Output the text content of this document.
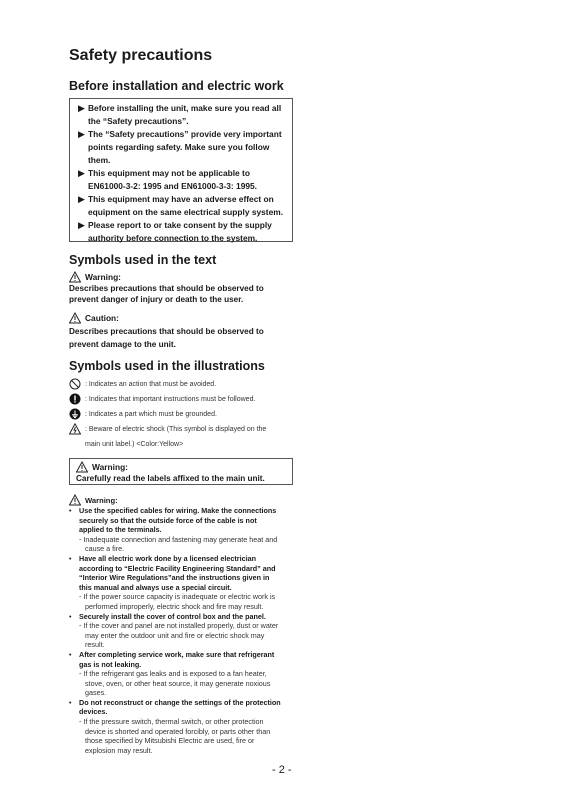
Safety precautions
Before installation and electric work
▶ Before installing the unit, make sure you read all
the “Safety precautions”.
▶ The “Safety precautions” provide very important
points regarding safety. Make sure you follow
them.
▶ This equipment may not be applicable to
EN61000-3-2: 1995 and EN61000-3-3: 1995.
▶ This equipment may have an adverse effect on
equipment on the same electrical supply system.
▶ Please report to or take consent by the supply
authority before connection to the system.
Symbols used in the text
Warning:
Describes precautions that should be observed to
prevent danger of injury or death to the user.
Caution:
Describes precautions that should be observed to
prevent damage to the unit.
Symbols used in the illustrations
: Indicates an action that must be avoided.
: Indicates that important instructions must be followed.
: Indicates a part which must be grounded.
: Beware of electric shock (This symbol is displayed on the
main unit label.) <Color:Yellow>
Warning:
Carefully read the labels affixed to the main unit.
Warning:
•	Use the specified cables for wiring. Make the connections
securely so that the outside force of the cable is not
applied to the terminals.
- Inadequate connection and fastening may generate heat and
cause a fire.
•	Have all electric work done by a licensed electrician
according to “Electric Facility Engineering Standard” and
“Interior Wire Regulations”and the instructions given in
this manual and always use a special circuit.
- If the power source capacity is inadequate or electric work is
performed improperly, electric shock and fire may result.
•	Securely install the cover of control box and the panel.
- If the cover and panel are not installed properly, dust or water
may enter the outdoor unit and fire or electric shock may
result.
•	After completing service work, make sure that refrigerant
gas is not leaking.
- If the refrigerant gas leaks and is exposed to a fan heater,
stove, oven, or other heat source, it may generate noxious
gases.
•	Do not reconstruct or change the settings of the protection
devices.
- If the pressure switch, thermal switch, or other protection
device is shorted and operated forcibly, or parts other than
those specified by Mitsubishi Electric are used, fire or
explosion may result.
- 2 -
